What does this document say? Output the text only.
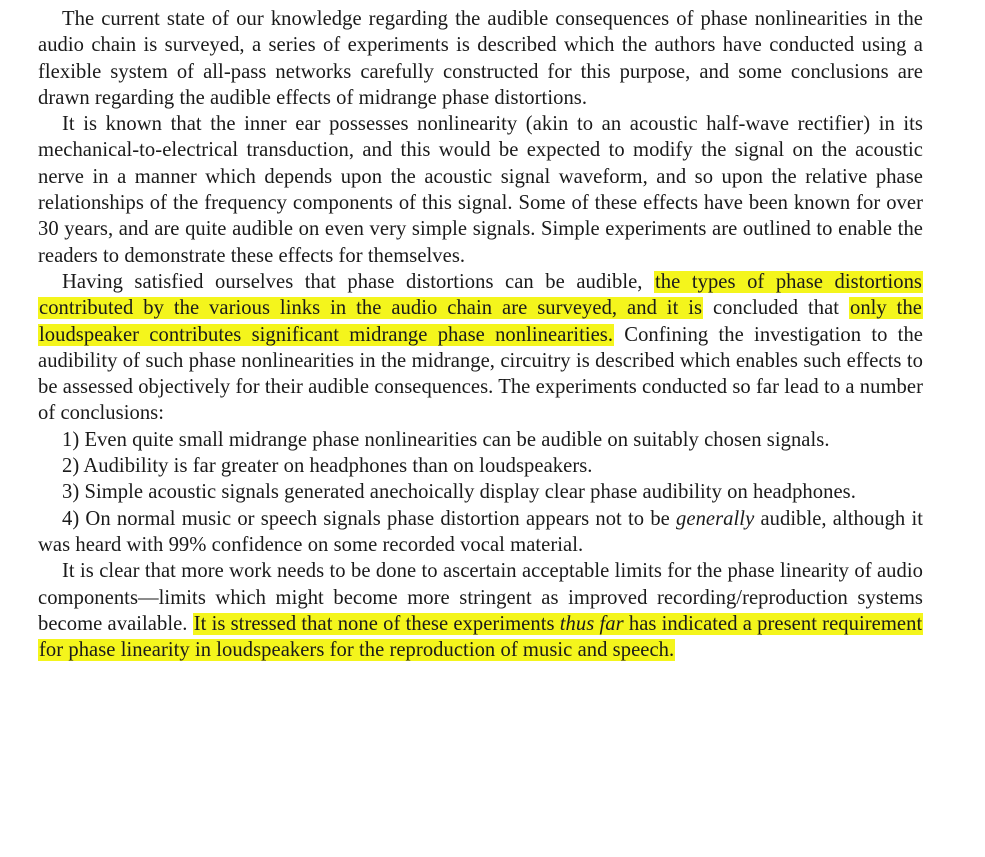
The current state of our knowledge regarding the audible consequences of phase nonlinearities in the audio chain is surveyed, a series of experiments is described which the authors have conducted using a flexible system of all-pass networks carefully constructed for this purpose, and some conclusions are drawn regarding the audible effects of midrange phase distortions.

It is known that the inner ear possesses nonlinearity (akin to an acoustic half-wave rectifier) in its mechanical-to-electrical transduction, and this would be expected to modify the signal on the acoustic nerve in a manner which depends upon the acoustic signal waveform, and so upon the relative phase relationships of the frequency components of this signal. Some of these effects have been known for over 30 years, and are quite audible on even very simple signals. Simple experiments are outlined to enable the readers to demonstrate these effects for themselves.

Having satisfied ourselves that phase distortions can be audible, the types of phase distortions contributed by the various links in the audio chain are surveyed, and it is concluded that only the loudspeaker contributes significant midrange phase nonlinearities. Confining the investigation to the audibility of such phase nonlinearities in the midrange, circuitry is described which enables such effects to be assessed objectively for their audible consequences. The experiments conducted so far lead to a number of conclusions:

1) Even quite small midrange phase nonlinearities can be audible on suitably chosen signals.

2) Audibility is far greater on headphones than on loudspeakers.

3) Simple acoustic signals generated anechoically display clear phase audibility on headphones.

4) On normal music or speech signals phase distortion appears not to be generally audible, although it was heard with 99% confidence on some recorded vocal material.

It is clear that more work needs to be done to ascertain acceptable limits for the phase linearity of audio components—limits which might become more stringent as improved recording/reproduction systems become available. It is stressed that none of these experiments thus far has indicated a present requirement for phase linearity in loudspeakers for the reproduction of music and speech.
